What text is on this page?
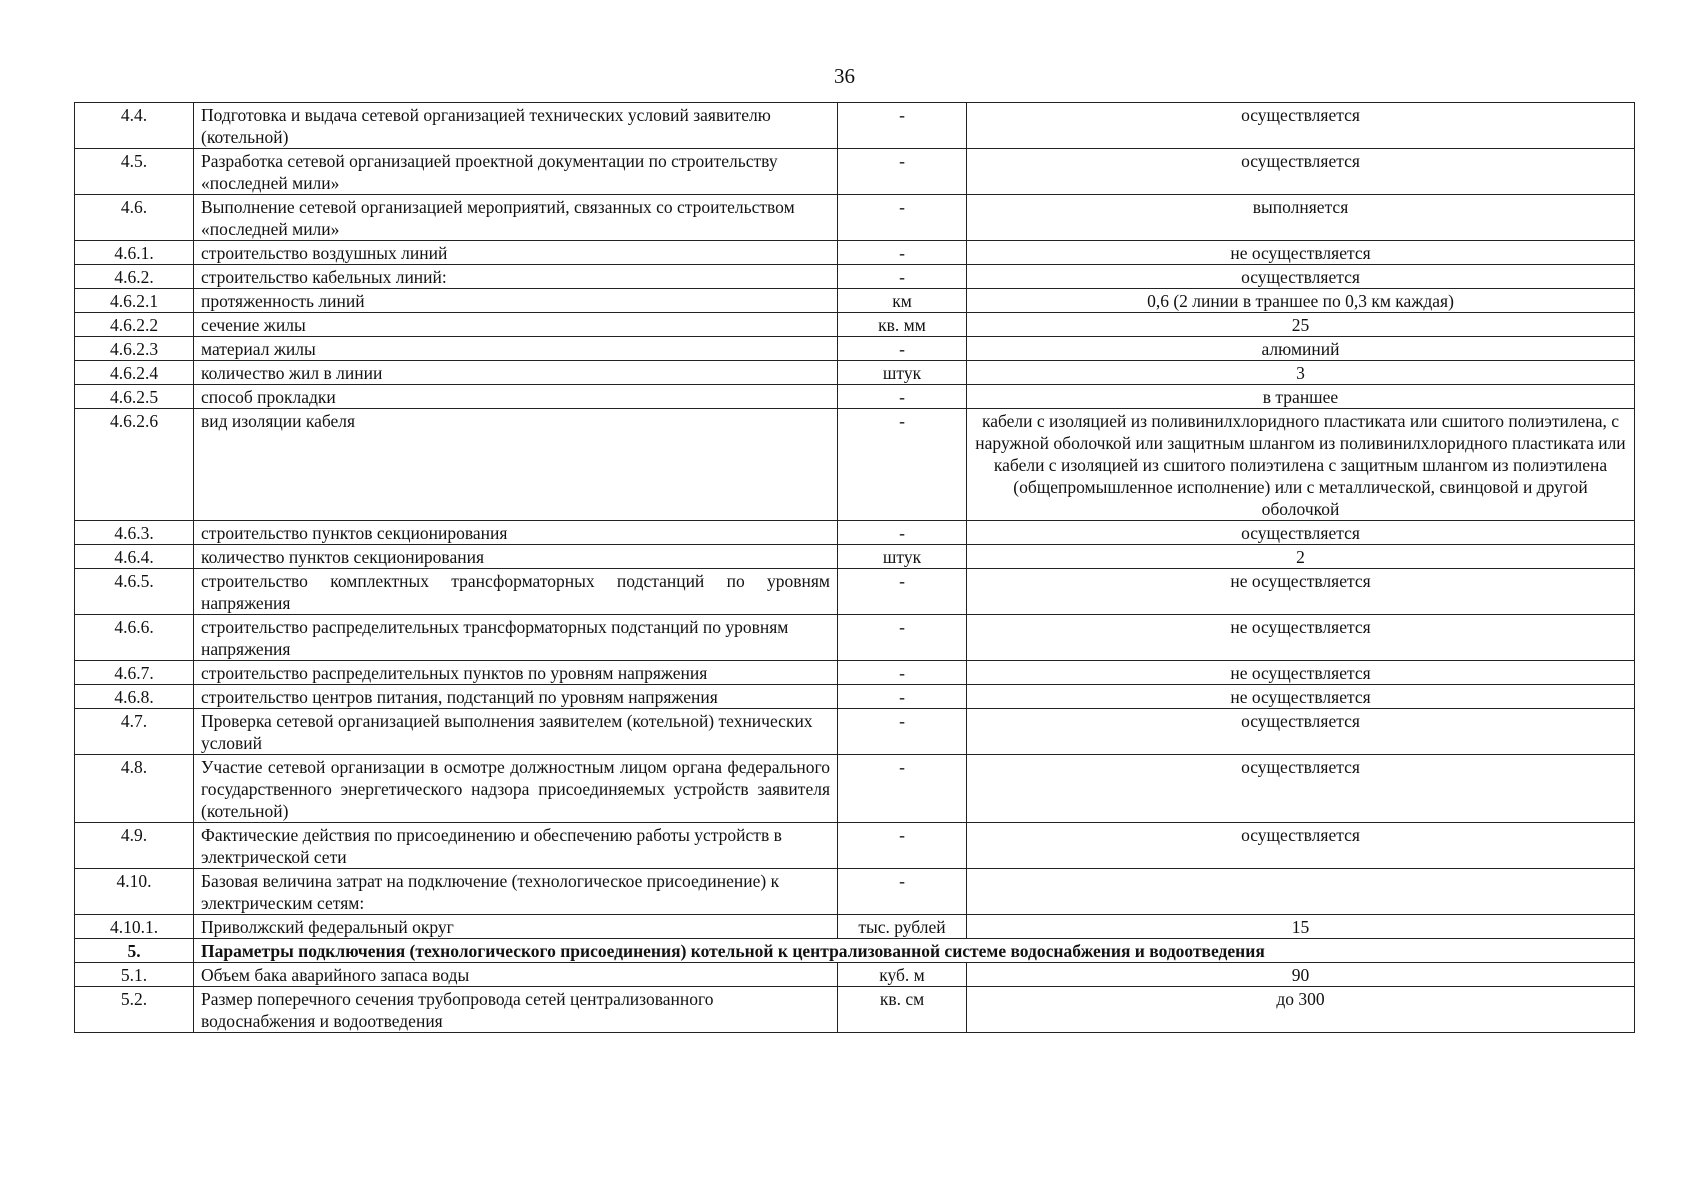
36
4.4.	Подготовка и выдача сетевой организацией технических условий заявителю (котельной)	-	осуществляется
4.5.	Разработка сетевой организацией проектной документации по строительству «последней мили»	-	осуществляется
4.6.	Выполнение сетевой организацией мероприятий, связанных со строительством «последней мили»	-	выполняется
4.6.1.	строительство воздушных линий	-	не осуществляется
4.6.2.	строительство кабельных линий:	-	осуществляется
4.6.2.1	протяженность линий	км	0,6 (2 линии в траншее по 0,3 км каждая)
4.6.2.2	сечение жилы	кв. мм	25
4.6.2.3	материал жилы	-	алюминий
4.6.2.4	количество жил в линии	штук	3
4.6.2.5	способ прокладки	-	в траншее
4.6.2.6	вид изоляции кабеля	-	кабели с изоляцией из поливинилхлоридного пластиката или сшитого полиэтилена, с наружной оболочкой или защитным шлангом из поливинилхлоридного пластиката или кабели с изоляцией из сшитого полиэтилена с защитным шлангом из полиэтилена (общепромышленное исполнение) или с металлической, свинцовой и другой оболочкой
4.6.3.	строительство пунктов секционирования	-	осуществляется
4.6.4.	количество пунктов секционирования	штук	2
4.6.5.	строительство комплектных трансформаторных подстанций по уровням напряжения	-	не осуществляется
4.6.6.	строительство распределительных трансформаторных подстанций по уровням напряжения	-	не осуществляется
4.6.7.	строительство распределительных пунктов по уровням напряжения	-	не осуществляется
4.6.8.	строительство центров питания, подстанций по уровням напряжения	-	не осуществляется
4.7.	Проверка сетевой организацией выполнения заявителем (котельной) технических условий	-	осуществляется
4.8.	Участие сетевой организации в осмотре должностным лицом органа федерального государственного энергетического надзора присоединяемых устройств заявителя (котельной)	-	осуществляется
4.9.	Фактические действия по присоединению и обеспечению работы устройств в электрической сети	-	осуществляется
4.10.	Базовая величина затрат на подключение (технологическое присоединение) к электрическим сетям:	-	
4.10.1.	Приволжский федеральный округ	тыс. рублей	15
5.	Параметры подключения (технологического присоединения) котельной к централизованной системе водоснабжения и водоотведения		
5.1.	Объем бака аварийного запаса воды	куб. м	90
5.2.	Размер поперечного сечения трубопровода сетей централизованного водоснабжения и водоотведения	кв. см	до 300
